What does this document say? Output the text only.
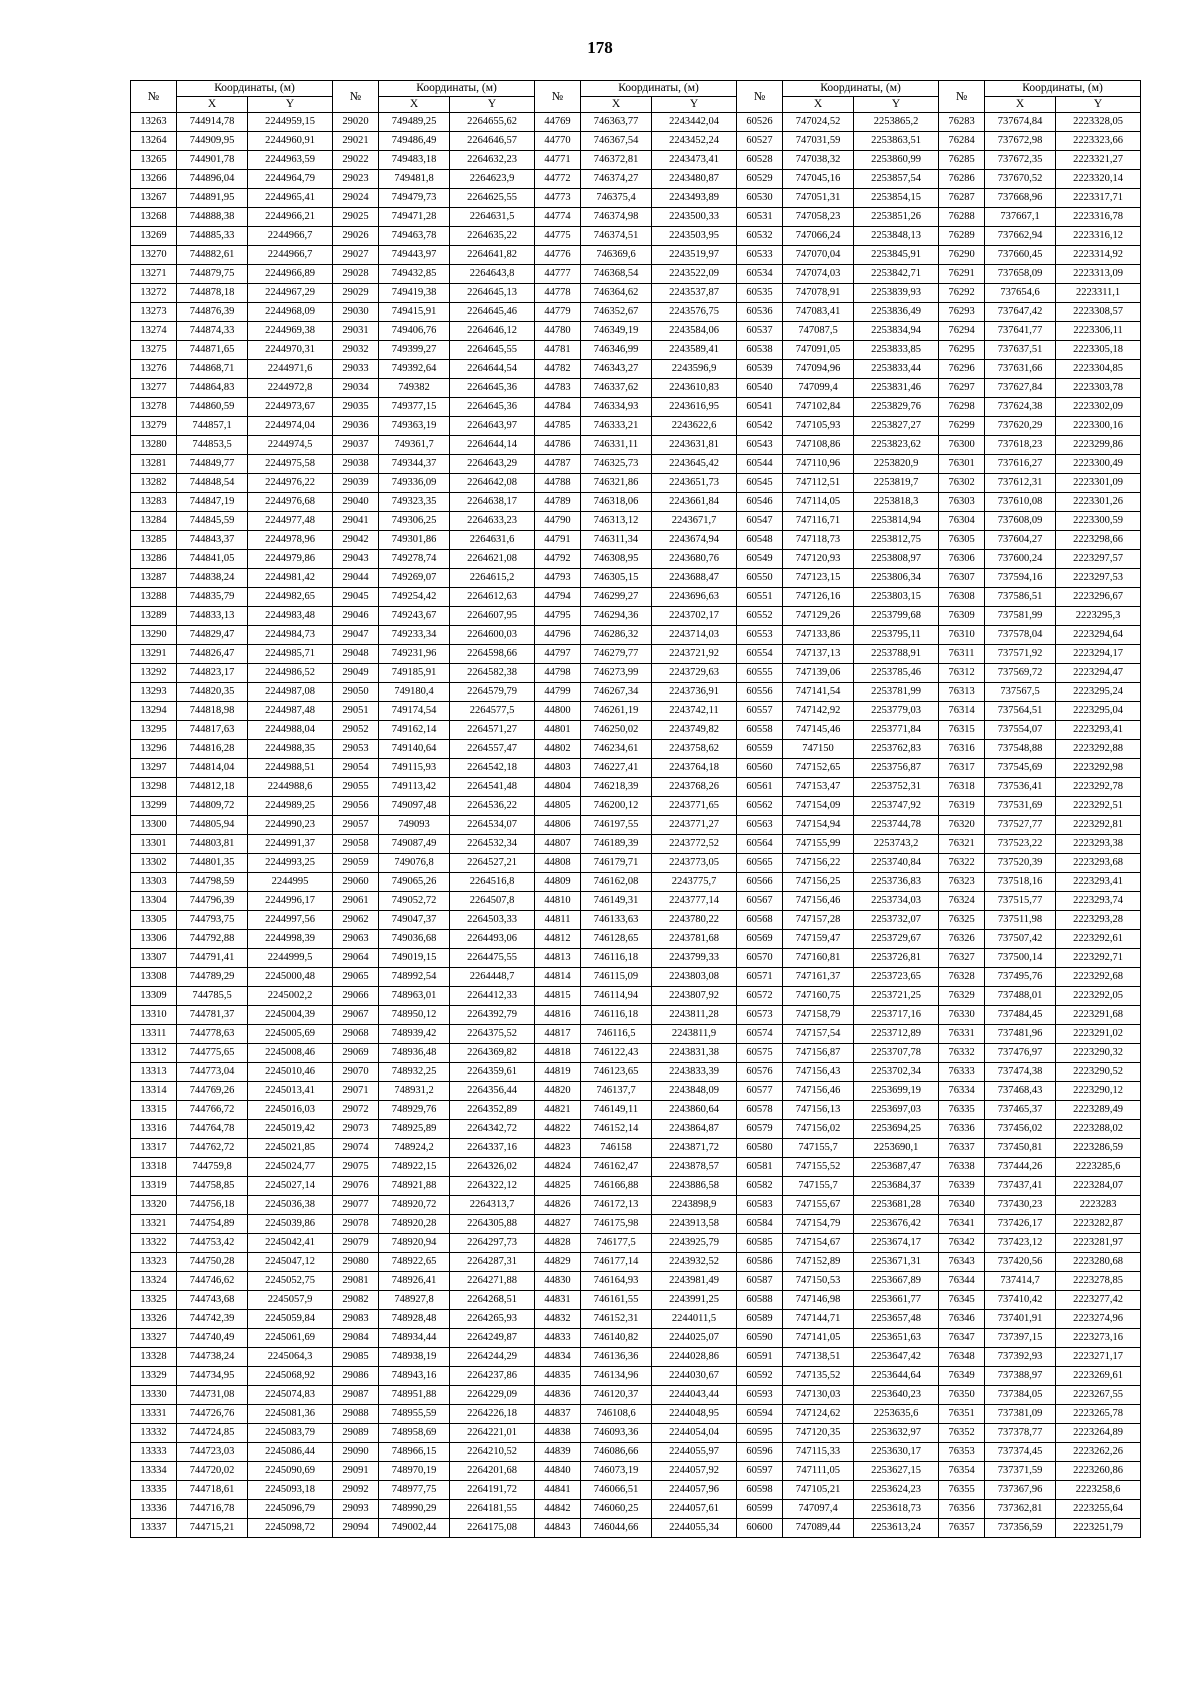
178
№	Координаты, (м)		№	Координаты, (м)		№	Координаты, (м)		№	Координаты, (м)		№	Координаты, (м)	
	X	Y		X	Y		X	Y		X	Y		X	Y
13263	744914,78	2244959,15	29020	749489,25	2264655,62	44769	746363,77	2243442,04	60526	747024,52	2253865,2	76283	737674,84	2223328,05
13264	744909,95	2244960,91	29021	749486,49	2264646,57	44770	746367,54	2243452,24	60527	747031,59	2253863,51	76284	737672,98	2223323,66
13265	744901,78	2244963,59	29022	749483,18	2264632,23	44771	746372,81	2243473,41	60528	747038,32	2253860,99	76285	737672,35	2223321,27
13266	744896,04	2244964,79	29023	749481,8	2264623,9	44772	746374,27	2243480,87	60529	747045,16	2253857,54	76286	737670,52	2223320,14
13267	744891,95	2244965,41	29024	749479,73	2264625,55	44773	746375,4	2243493,89	60530	747051,31	2253854,15	76287	737668,96	2223317,71
13268	744888,38	2244966,21	29025	749471,28	2264631,5	44774	746374,98	2243500,33	60531	747058,23	2253851,26	76288	737667,1	2223316,78
13269	744885,33	2244966,7	29026	749463,78	2264635,22	44775	746374,51	2243503,95	60532	747066,24	2253848,13	76289	737662,94	2223316,12
13270	744882,61	2244966,7	29027	749443,97	2264641,82	44776	746369,6	2243519,97	60533	747070,04	2253845,91	76290	737660,45	2223314,92
13271	744879,75	2244966,89	29028	749432,85	2264643,8	44777	746368,54	2243522,09	60534	747074,03	2253842,71	76291	737658,09	2223313,09
13272	744878,18	2244967,29	29029	749419,38	2264645,13	44778	746364,62	2243537,87	60535	747078,91	2253839,93	76292	737654,6	2223311,1
13273	744876,39	2244968,09	29030	749415,91	2264645,46	44779	746352,67	2243576,75	60536	747083,41	2253836,49	76293	737647,42	2223308,57
13274	744874,33	2244969,38	29031	749406,76	2264646,12	44780	746349,19	2243584,06	60537	747087,5	2253834,94	76294	737641,77	2223306,11
13275	744871,65	2244970,31	29032	749399,27	2264645,55	44781	746346,99	2243589,41	60538	747091,05	2253833,85	76295	737637,51	2223305,18
13276	744868,71	2244971,6	29033	749392,64	2264644,54	44782	746343,27	2243596,9	60539	747094,96	2253833,44	76296	737631,66	2223304,85
13277	744864,83	2244972,8	29034	749382	2264645,36	44783	746337,62	2243610,83	60540	747099,4	2253831,46	76297	737627,84	2223303,78
13278	744860,59	2244973,67	29035	749377,15	2264645,36	44784	746334,93	2243616,95	60541	747102,84	2253829,76	76298	737624,38	2223302,09
13279	744857,1	2244974,04	29036	749363,19	2264643,97	44785	746333,21	2243622,6	60542	747105,93	2253827,27	76299	737620,29	2223300,16
13280	744853,5	2244974,5	29037	749361,7	2264644,14	44786	746331,11	2243631,81	60543	747108,86	2253823,62	76300	737618,23	2223299,86
13281	744849,77	2244975,58	29038	749344,37	2264643,29	44787	746325,73	2243645,42	60544	747110,96	2253820,9	76301	737616,27	2223300,49
13282	744848,54	2244976,22	29039	749336,09	2264642,08	44788	746321,86	2243651,73	60545	747112,51	2253819,7	76302	737612,31	2223301,09
13283	744847,19	2244976,68	29040	749323,35	2264638,17	44789	746318,06	2243661,84	60546	747114,05	2253818,3	76303	737610,08	2223301,26
13284	744845,59	2244977,48	29041	749306,25	2264633,23	44790	746313,12	2243671,7	60547	747116,71	2253814,94	76304	737608,09	2223300,59
13285	744843,37	2244978,96	29042	749301,86	2264631,6	44791	746311,34	2243674,94	60548	747118,73	2253812,75	76305	737604,27	2223298,66
13286	744841,05	2244979,86	29043	749278,74	2264621,08	44792	746308,95	2243680,76	60549	747120,93	2253808,97	76306	737600,24	2223297,57
13287	744838,24	2244981,42	29044	749269,07	2264615,2	44793	746305,15	2243688,47	60550	747123,15	2253806,34	76307	737594,16	2223297,53
13288	744835,79	2244982,65	29045	749254,42	2264612,63	44794	746299,27	2243696,63	60551	747126,16	2253803,15	76308	737586,51	2223296,67
13289	744833,13	2244983,48	29046	749243,67	2264607,95	44795	746294,36	2243702,17	60552	747129,26	2253799,68	76309	737581,99	2223295,3
13290	744829,47	2244984,73	29047	749233,34	2264600,03	44796	746286,32	2243714,03	60553	747133,86	2253795,11	76310	737578,04	2223294,64
13291	744826,47	2244985,71	29048	749231,96	2264598,66	44797	746279,77	2243721,92	60554	747137,13	2253788,91	76311	737571,92	2223294,17
13292	744823,17	2244986,52	29049	749185,91	2264582,38	44798	746273,99	2243729,63	60555	747139,06	2253785,46	76312	737569,72	2223294,47
13293	744820,35	2244987,08	29050	749180,4	2264579,79	44799	746267,34	2243736,91	60556	747141,54	2253781,99	76313	737567,5	2223295,24
13294	744818,98	2244987,48	29051	749174,54	2264577,5	44800	746261,19	2243742,11	60557	747142,92	2253779,03	76314	737564,51	2223295,04
13295	744817,63	2244988,04	29052	749162,14	2264571,27	44801	746250,02	2243749,82	60558	747145,46	2253771,84	76315	737554,07	2223293,41
13296	744816,28	2244988,35	29053	749140,64	2264557,47	44802	746234,61	2243758,62	60559	747150	2253762,83	76316	737548,88	2223292,88
13297	744814,04	2244988,51	29054	749115,93	2264542,18	44803	746227,41	2243764,18	60560	747152,65	2253756,87	76317	737545,69	2223292,98
13298	744812,18	2244988,6	29055	749113,42	2264541,48	44804	746218,39	2243768,26	60561	747153,47	2253752,31	76318	737536,41	2223292,78
13299	744809,72	2244989,25	29056	749097,48	2264536,22	44805	746200,12	2243771,65	60562	747154,09	2253747,92	76319	737531,69	2223292,51
13300	744805,94	2244990,23	29057	749093	2264534,07	44806	746197,55	2243771,27	60563	747154,94	2253744,78	76320	737527,77	2223292,81
13301	744803,81	2244991,37	29058	749087,49	2264532,34	44807	746189,39	2243772,52	60564	747155,99	2253743,2	76321	737523,22	2223293,38
13302	744801,35	2244993,25	29059	749076,8	2264527,21	44808	746179,71	2243773,05	60565	747156,22	2253740,84	76322	737520,39	2223293,68
13303	744798,59	2244995	29060	749065,26	2264516,8	44809	746162,08	2243775,7	60566	747156,25	2253736,83	76323	737518,16	2223293,41
13304	744796,39	2244996,17	29061	749052,72	2264507,8	44810	746149,31	2243777,14	60567	747156,46	2253734,03	76324	737515,77	2223293,74
13305	744793,75	2244997,56	29062	749047,37	2264503,33	44811	746133,63	2243780,22	60568	747157,28	2253732,07	76325	737511,98	2223293,28
13306	744792,88	2244998,39	29063	749036,68	2264493,06	44812	746128,65	2243781,68	60569	747159,47	2253729,67	76326	737507,42	2223292,61
13307	744791,41	2244999,5	29064	749019,15	2264475,55	44813	746116,18	2243799,33	60570	747160,81	2253726,81	76327	737500,14	2223292,71
13308	744789,29	2245000,48	29065	748992,54	2264448,7	44814	746115,09	2243803,08	60571	747161,37	2253723,65	76328	737495,76	2223292,68
13309	744785,5	2245002,2	29066	748963,01	2264412,33	44815	746114,94	2243807,92	60572	747160,75	2253721,25	76329	737488,01	2223292,05
13310	744781,37	2245004,39	29067	748950,12	2264392,79	44816	746116,18	2243811,28	60573	747158,79	2253717,16	76330	737484,45	2223291,68
13311	744778,63	2245005,69	29068	748939,42	2264375,52	44817	746116,5	2243811,9	60574	747157,54	2253712,89	76331	737481,96	2223291,02
13312	744775,65	2245008,46	29069	748936,48	2264369,82	44818	746122,43	2243831,38	60575	747156,87	2253707,78	76332	737476,97	2223290,32
13313	744773,04	2245010,46	29070	748932,25	2264359,61	44819	746123,65	2243833,39	60576	747156,43	2253702,34	76333	737474,38	2223290,52
13314	744769,26	2245013,41	29071	748931,2	2264356,44	44820	746137,7	2243848,09	60577	747156,46	2253699,19	76334	737468,43	2223290,12
13315	744766,72	2245016,03	29072	748929,76	2264352,89	44821	746149,11	2243860,64	60578	747156,13	2253697,03	76335	737465,37	2223289,49
13316	744764,78	2245019,42	29073	748925,89	2264342,72	44822	746152,14	2243864,87	60579	747156,02	2253694,25	76336	737456,02	2223288,02
13317	744762,72	2245021,85	29074	748924,2	2264337,16	44823	746158	2243871,72	60580	747155,7	2253690,1	76337	737450,81	2223286,59
13318	744759,8	2245024,77	29075	748922,15	2264326,02	44824	746162,47	2243878,57	60581	747155,52	2253687,47	76338	737444,26	2223285,6
13319	744758,85	2245027,14	29076	748921,88	2264322,12	44825	746166,88	2243886,58	60582	747155,7	2253684,37	76339	737437,41	2223284,07
13320	744756,18	2245036,38	29077	748920,72	2264313,7	44826	746172,13	2243898,9	60583	747155,67	2253681,28	76340	737430,23	2223283
13321	744754,89	2245039,86	29078	748920,28	2264305,88	44827	746175,98	2243913,58	60584	747154,79	2253676,42	76341	737426,17	2223282,87
13322	744753,42	2245042,41	29079	748920,94	2264297,73	44828	746177,5	2243925,79	60585	747154,67	2253674,17	76342	737423,12	2223281,97
13323	744750,28	2245047,12	29080	748922,65	2264287,31	44829	746177,14	2243932,52	60586	747152,89	2253671,31	76343	737420,56	2223280,68
13324	744746,62	2245052,75	29081	748926,41	2264271,88	44830	746164,93	2243981,49	60587	747150,53	2253667,89	76344	737414,7	2223278,85
13325	744743,68	2245057,9	29082	748927,8	2264268,51	44831	746161,55	2243991,25	60588	747146,98	2253661,77	76345	737410,42	2223277,42
13326	744742,39	2245059,84	29083	748928,48	2264265,93	44832	746152,31	2244011,5	60589	747144,71	2253657,48	76346	737401,91	2223274,96
13327	744740,49	2245061,69	29084	748934,44	2264249,87	44833	746140,82	2244025,07	60590	747141,05	2253651,63	76347	737397,15	2223273,16
13328	744738,24	2245064,3	29085	748938,19	2264244,29	44834	746136,36	2244028,86	60591	747138,51	2253647,42	76348	737392,93	2223271,17
13329	744734,95	2245068,92	29086	748943,16	2264237,86	44835	746134,96	2244030,67	60592	747135,52	2253644,64	76349	737388,97	2223269,61
13330	744731,08	2245074,83	29087	748951,88	2264229,09	44836	746120,37	2244043,44	60593	747130,03	2253640,23	76350	737384,05	2223267,55
13331	744726,76	2245081,36	29088	748955,59	2264226,18	44837	746108,6	2244048,95	60594	747124,62	2253635,6	76351	737381,09	2223265,78
13332	744724,85	2245083,79	29089	748958,69	2264221,01	44838	746093,36	2244054,04	60595	747120,35	2253632,97	76352	737378,77	2223264,89
13333	744723,03	2245086,44	29090	748966,15	2264210,52	44839	746086,66	2244055,97	60596	747115,33	2253630,17	76353	737374,45	2223262,26
13334	744720,02	2245090,69	29091	748970,19	2264201,68	44840	746073,19	2244057,92	60597	747111,05	2253627,15	76354	737371,59	2223260,86
13335	744718,61	2245093,18	29092	748977,75	2264191,72	44841	746066,51	2244057,96	60598	747105,21	2253624,23	76355	737367,96	2223258,6
13336	744716,78	2245096,79	29093	748990,29	2264181,55	44842	746060,25	2244057,61	60599	747097,4	2253618,73	76356	737362,81	2223255,64
13337	744715,21	2245098,72	29094	749002,44	2264175,08	44843	746044,66	2244055,34	60600	747089,44	2253613,24	76357	737356,59	2223251,79
